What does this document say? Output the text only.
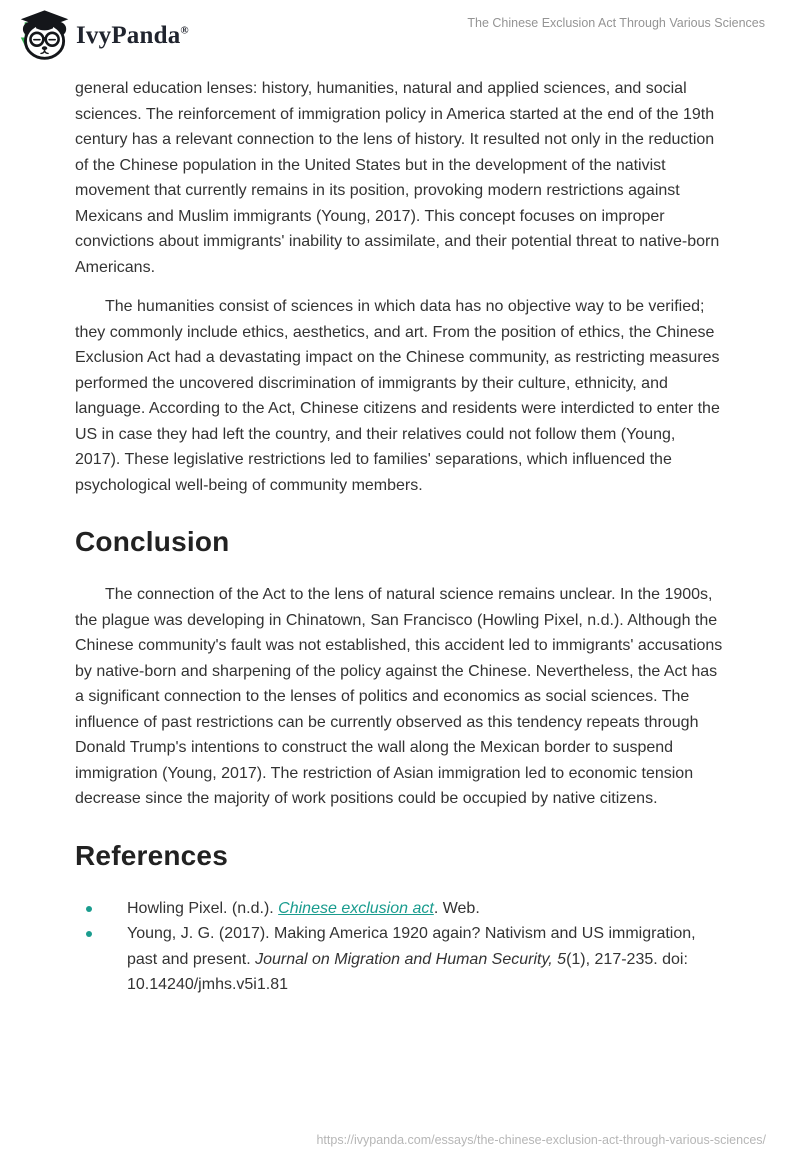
IvyPanda®
The Chinese Exclusion Act Through Various Sciences

general education lenses: history, humanities, natural and applied sciences, and social sciences. The reinforcement of immigration policy in America started at the end of the 19th century has a relevant connection to the lens of history. It resulted not only in the reduction of the Chinese population in the United States but in the development of the nativist movement that currently remains in its position, provoking modern restrictions against Mexicans and Muslim immigrants (Young, 2017). This concept focuses on improper convictions about immigrants' inability to assimilate, and their potential threat to native-born Americans.

The humanities consist of sciences in which data has no objective way to be verified; they commonly include ethics, aesthetics, and art. From the position of ethics, the Chinese Exclusion Act had a devastating impact on the Chinese community, as restricting measures performed the uncovered discrimination of immigrants by their culture, ethnicity, and language. According to the Act, Chinese citizens and residents were interdicted to enter the US in case they had left the country, and their relatives could not follow them (Young, 2017). These legislative restrictions led to families' separations, which influenced the psychological well-being of community members.

Conclusion

The connection of the Act to the lens of natural science remains unclear. In the 1900s, the plague was developing in Chinatown, San Francisco (Howling Pixel, n.d.). Although the Chinese community's fault was not established, this accident led to immigrants' accusations by native-born and sharpening of the policy against the Chinese. Nevertheless, the Act has a significant connection to the lenses of politics and economics as social sciences. The influence of past restrictions can be currently observed as this tendency repeats through Donald Trump's intentions to construct the wall along the Mexican border to suspend immigration (Young, 2017). The restriction of Asian immigration led to economic tension decrease since the majority of work positions could be occupied by native citizens.

References
Howling Pixel. (n.d.). Chinese exclusion act. Web.
Young, J. G. (2017). Making America 1920 again? Nativism and US immigration, past and present. Journal on Migration and Human Security, 5(1), 217-235. doi: 10.14240/jmhs.v5i1.81
https://ivypanda.com/essays/the-chinese-exclusion-act-through-various-sciences/
